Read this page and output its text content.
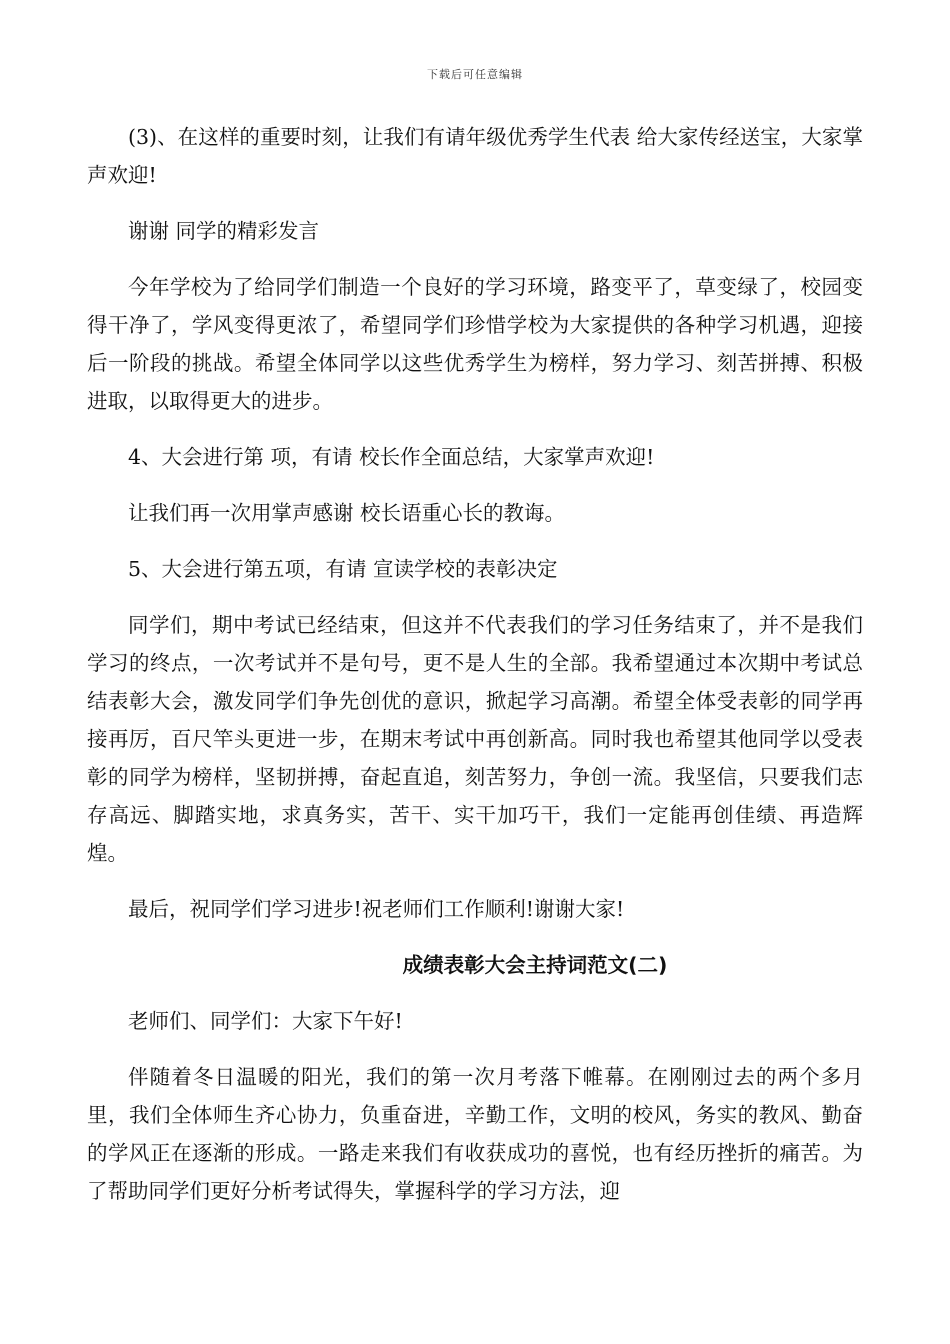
下载后可任意编辑

(3)、在这样的重要时刻，让我们有请年级优秀学生代表 给大家传经送宝，大家掌声欢迎!

谢谢 同学的精彩发言

今年学校为了给同学们制造一个良好的学习环境，路变平了，草变绿了，校园变得干净了，学风变得更浓了，希望同学们珍惜学校为大家提供的各种学习机遇，迎接后一阶段的挑战。希望全体同学以这些优秀学生为榜样，努力学习、刻苦拼搏、积极进取，以取得更大的进步。

4、大会进行第 项，有请 校长作全面总结，大家掌声欢迎!

让我们再一次用掌声感谢 校长语重心长的教诲。

5、大会进行第五项，有请 宣读学校的表彰决定

同学们，期中考试已经结束，但这并不代表我们的学习任务结束了，并不是我们学习的终点，一次考试并不是句号，更不是人生的全部。我希望通过本次期中考试总结表彰大会，激发同学们争先创优的意识，掀起学习高潮。希望全体受表彰的同学再接再厉，百尺竿头更进一步，在期末考试中再创新高。同时我也希望其他同学以受表彰的同学为榜样，坚韧拼搏，奋起直追，刻苦努力，争创一流。我坚信，只要我们志存高远、脚踏实地，求真务实，苦干、实干加巧干，我们一定能再创佳绩、再造辉煌。

最后，祝同学们学习进步!祝老师们工作顺利!谢谢大家!

成绩表彰大会主持词范文(二)

老师们、同学们：大家下午好!

伴随着冬日温暖的阳光，我们的第一次月考落下帷幕。在刚刚过去的两个多月里，我们全体师生齐心协力，负重奋进，辛勤工作，文明的校风，务实的教风、勤奋的学风正在逐渐的形成。一路走来我们有收获成功的喜悦，也有经历挫折的痛苦。为了帮助同学们更好分析考试得失，掌握科学的学习方法，迎
